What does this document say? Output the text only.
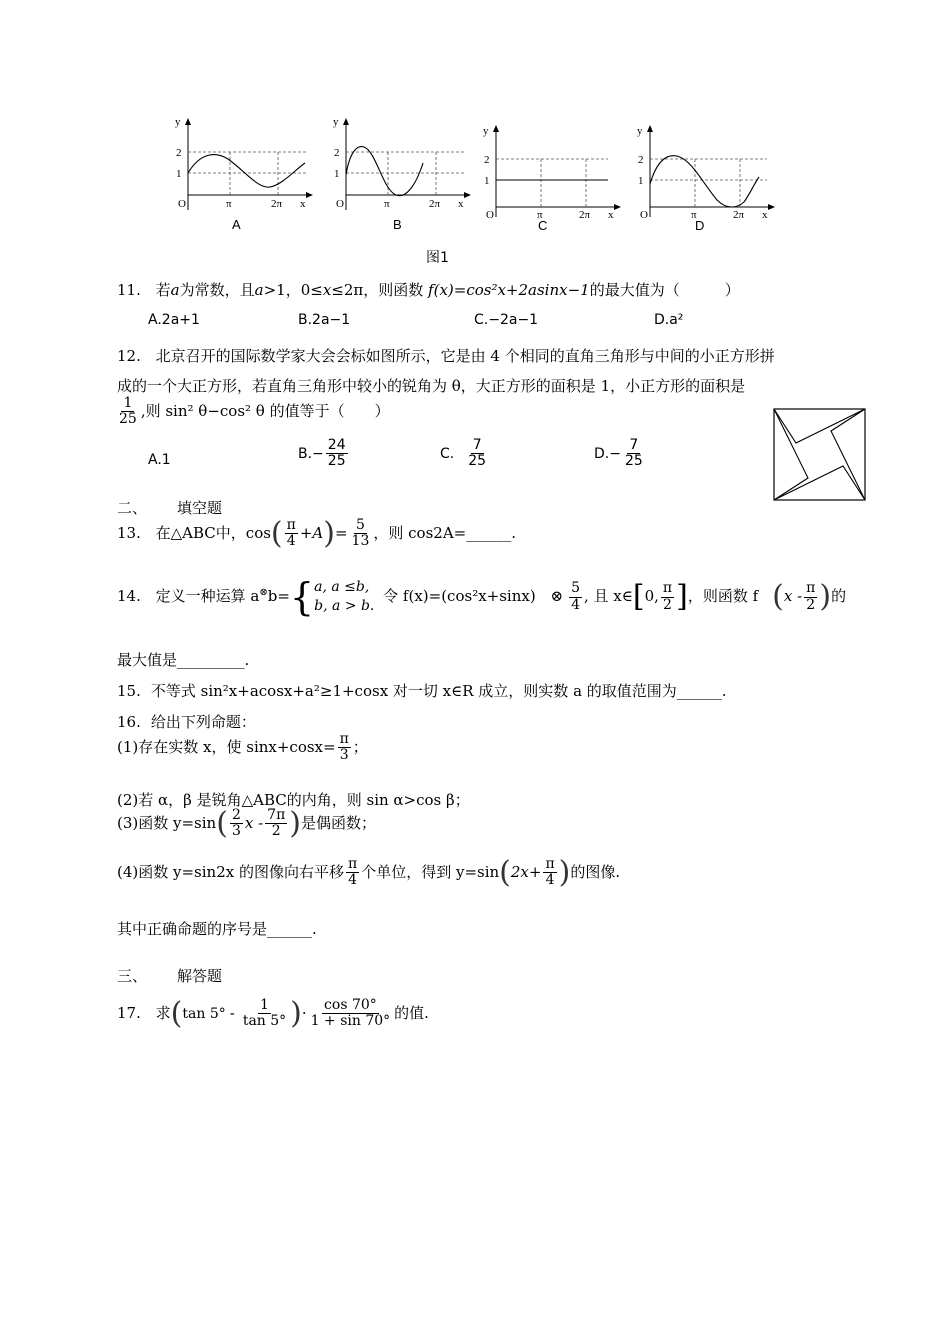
y
2
1
O	π	2π x
A
y
2
1
O	π	2π x
B
y
2
1
O	π	2π x
C
y
2
1
O	π	2π x
D
图1
11. 若a为常数，且a>1，0≤x≤2π，则函数 f(x)=cos²x+2asinx−1的最大值为（　　　）
A.2a+1	B.2a−1	C.−2a−1	D.a²
12. 北京召开的国际数学家大会会标如图所示，它是由 4 个相同的直角三角形与中间的小正方形拼
成的一个大正方形，若直角三角形中较小的锐角为 θ，大正方形的面积是 1，小正方形的面积是
$\frac{1}{25}$ ,则 sin² θ−cos² θ 的值等于（　　）
A.1	$B.- \frac{24}{25}$	C. $\frac{7}{25}$	$D.- \frac{7}{25}$
二、 填空题
13. 在△ABC中，$\cos( \frac{\pi}{4} +A)= \frac{5}{13}$ ，则 cos2A=______.
14. 定义一种运算 a⊗b={ a, a ≤b,
b, a > b.
令 f(x)=(cos²x+sinx) ⊗ $\frac{5}{4}$ , 且 x∈[0, $\frac{\pi}{2}$ ]，则函数 f ($x - \frac{\pi}{2}$ )的
最大值是_________.
15. 不等式 sin²x+acosx+a²≥1+cosx 对一切 x∈R 成立，则实数 a 的取值范围为______.
16. 给出下列命题：
(1)存在实数 x，使 $\sin x+\cos x= \frac{\pi}{3}$ ；
(2)若 α，β 是锐角△ABC的内角，则 sin α>cos β；
(3)函数 $y=\sin( \frac{2}{3}$ x - $\frac{7\pi}{2}$ )是偶函数；
(4)函数 y=sin2x 的图像向右平移 $\frac{\pi}{4}$ 个单位，得到 $y=\sin(2x+ \frac{\pi}{4}$ )的图像.
其中正确命题的序号是______.
三、 解答题
17. 求(tan $5^\circ - \frac{1}{\tan 5^\circ}$ )· $\frac{\cos 70^\circ}{1 + \sin 70^\circ}$ 的值.
